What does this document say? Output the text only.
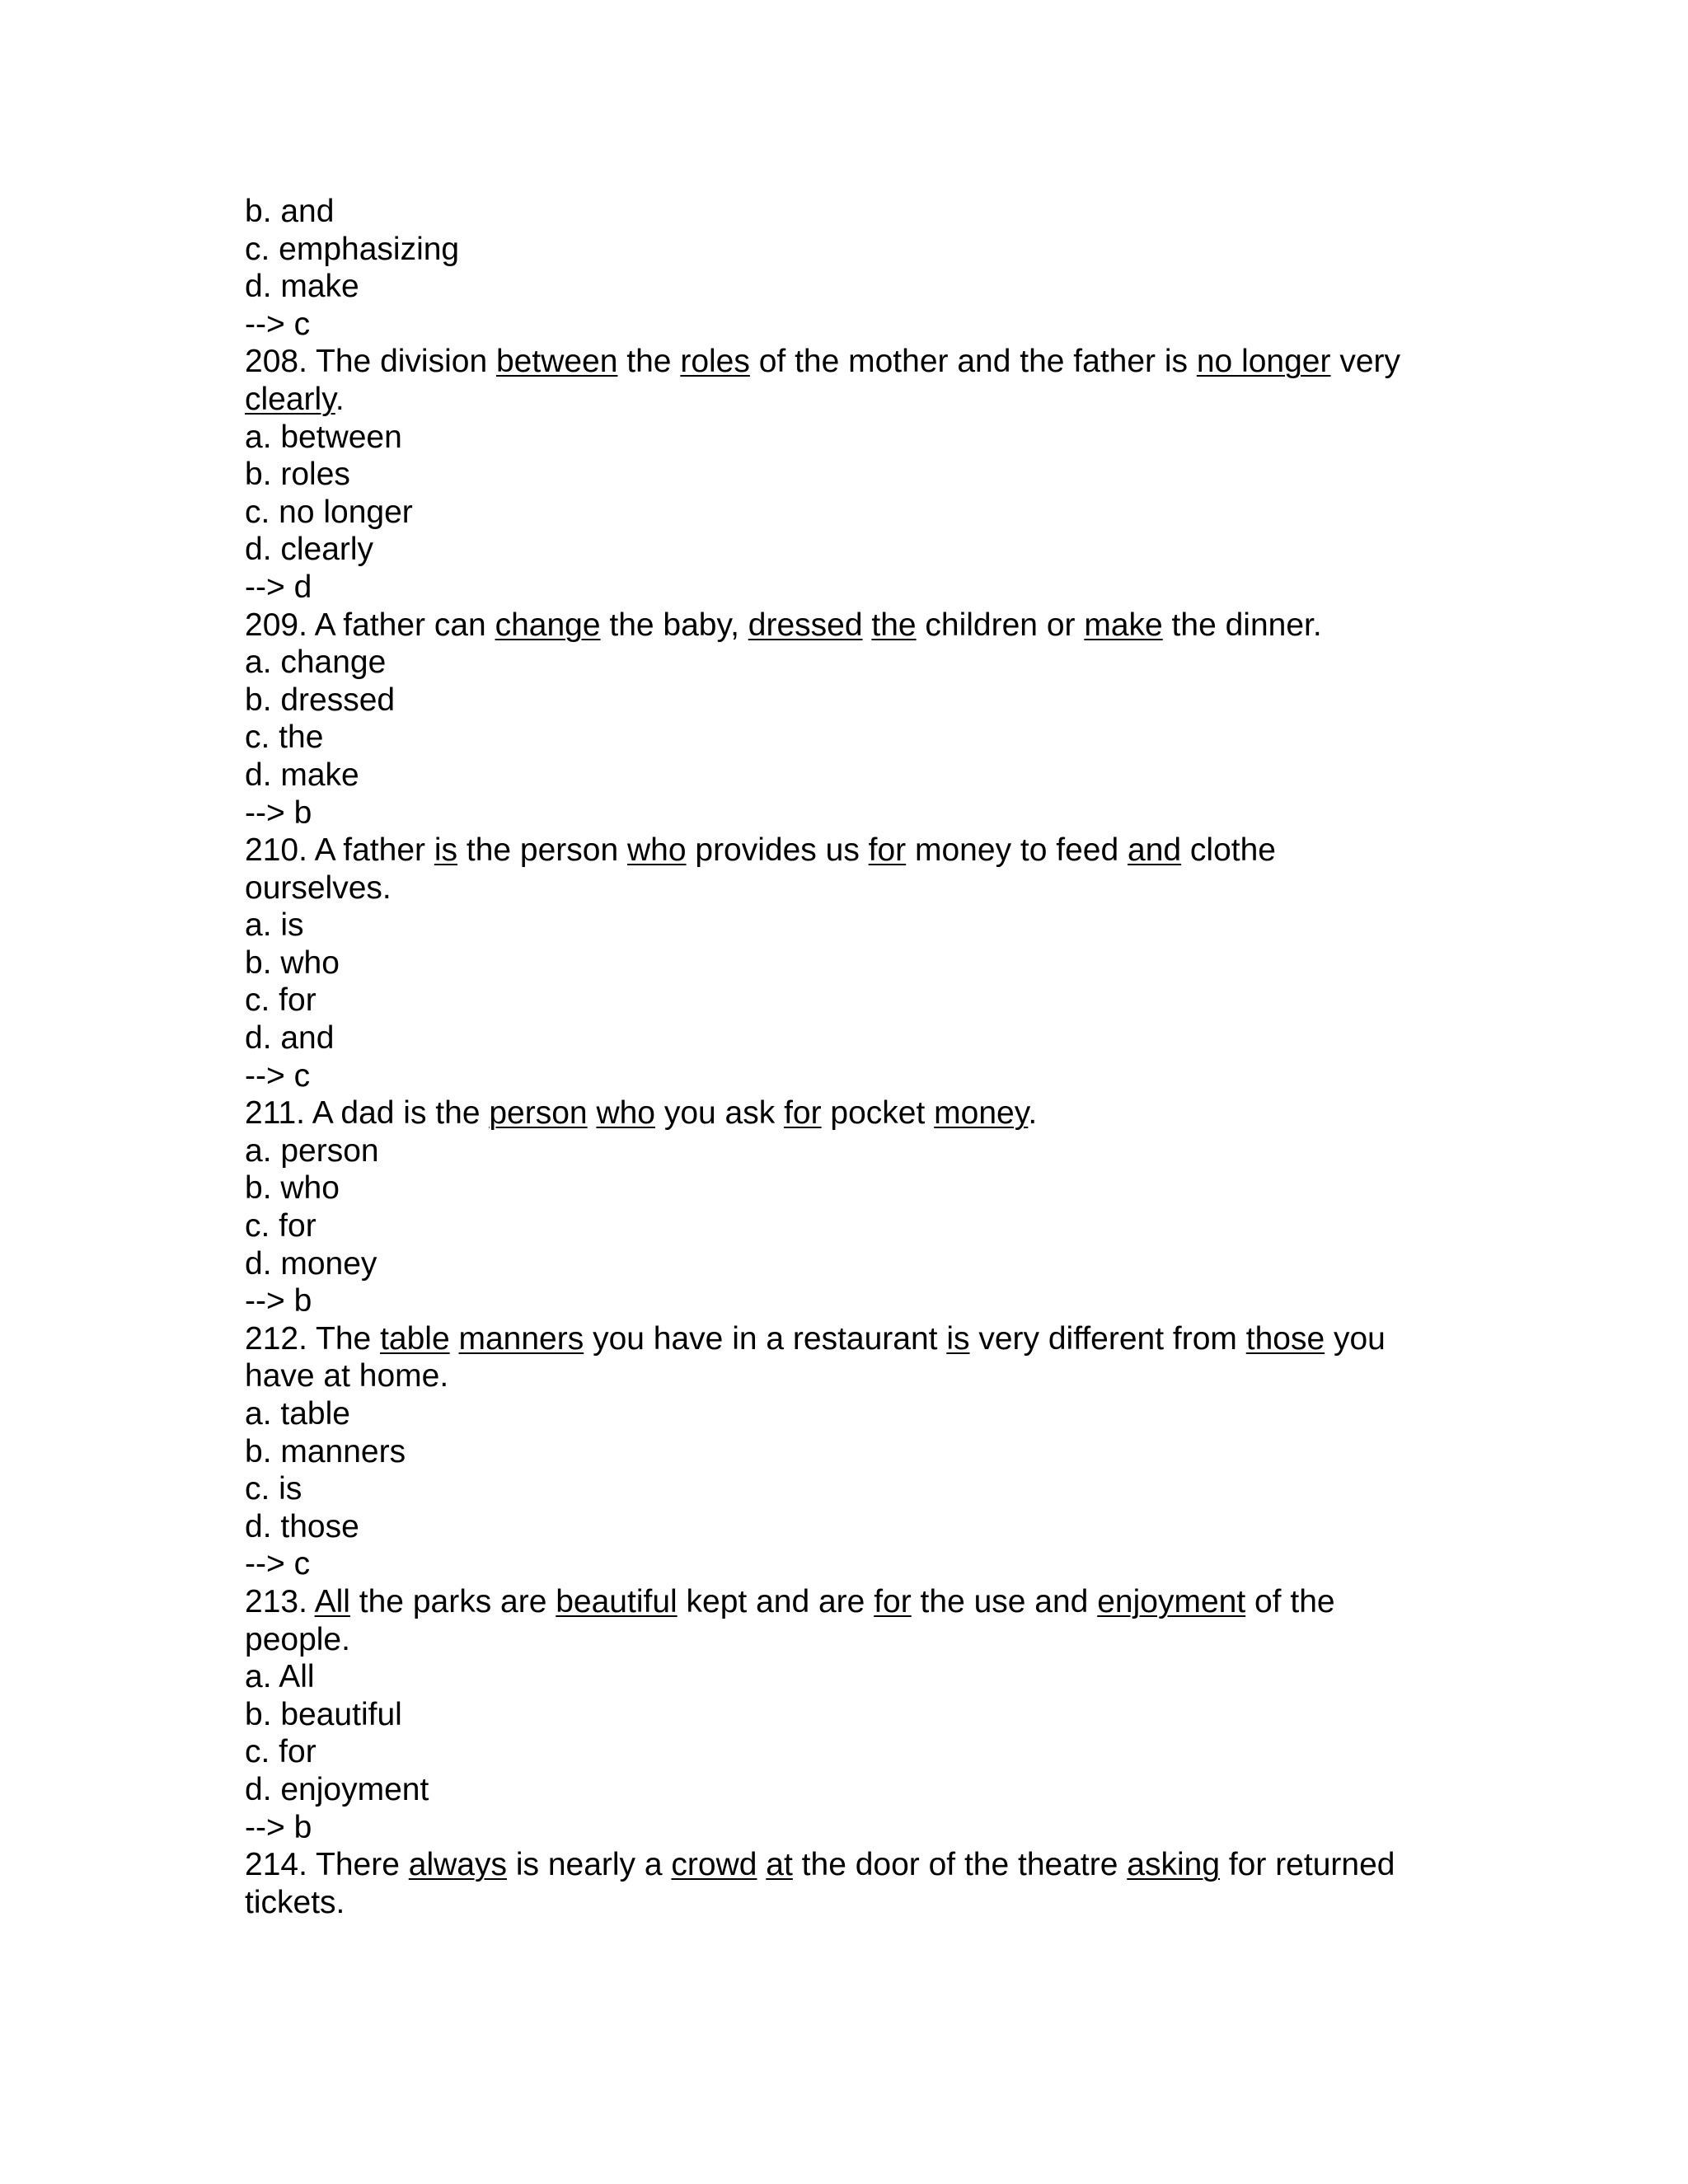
b. and

c. emphasizing

d. make

--> c

208. The division between the roles of the mother and the father is no longer very

clearly.

a. between

b. roles

c. no longer

d. clearly

--> d

209. A father can change the baby, dressed the children or make the dinner.

a. change

b. dressed

c. the

d. make

--> b

210. A father is the person who provides us for money to feed and clothe

ourselves.

a. is

b. who

c. for

d. and

--> c

211. A dad is the person who you ask for pocket money.

a. person

b. who

c. for

d. money

--> b

212. The table manners you have in a restaurant is very different from those you

have at home.

a. table

b. manners

c. is

d. those

--> c

213. All the parks are beautiful kept and are for the use and enjoyment of the

people.

a. All

b. beautiful

c. for

d. enjoyment

--> b

214. There always is nearly a crowd at the door of the theatre asking for returned

tickets.
